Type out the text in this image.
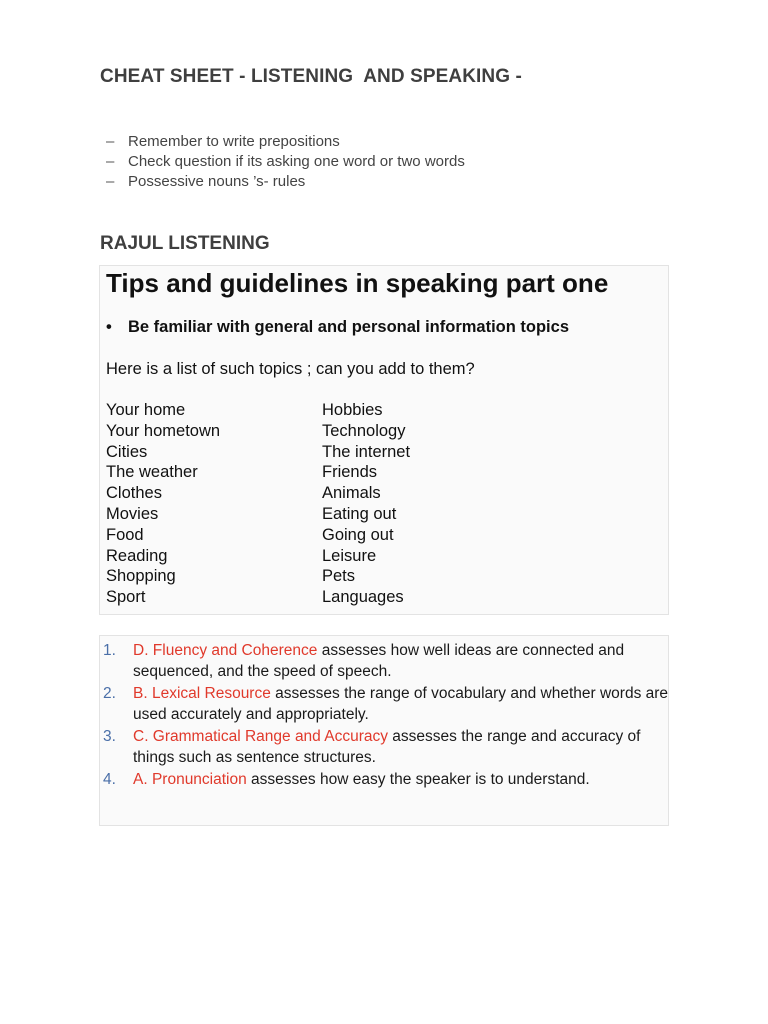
CHEAT SHEET - LISTENING  AND SPEAKING -
– Remember to write prepositions
– Check question if its asking one word or two words
– Possessive nouns ’s- rules
RAJUL LISTENING
Tips and guidelines in speaking part one
• Be familiar with general and personal information topics
Here is a list of such topics ; can you add to them?
Your home
Your hometown
Cities
The weather
Clothes
Movies
Food
Reading
Shopping
Sport
Hobbies
Technology
The internet
Friends
Animals
Eating out
Going out
Leisure
Pets
Languages
1. D. Fluency and Coherence assesses how well ideas are connected and sequenced, and the speed of speech.
2. B. Lexical Resource assesses the range of vocabulary and whether words are used accurately and appropriately.
3. C. Grammatical Range and Accuracy assesses the range and accuracy of things such as sentence structures.
4. A. Pronunciation assesses how easy the speaker is to understand.
